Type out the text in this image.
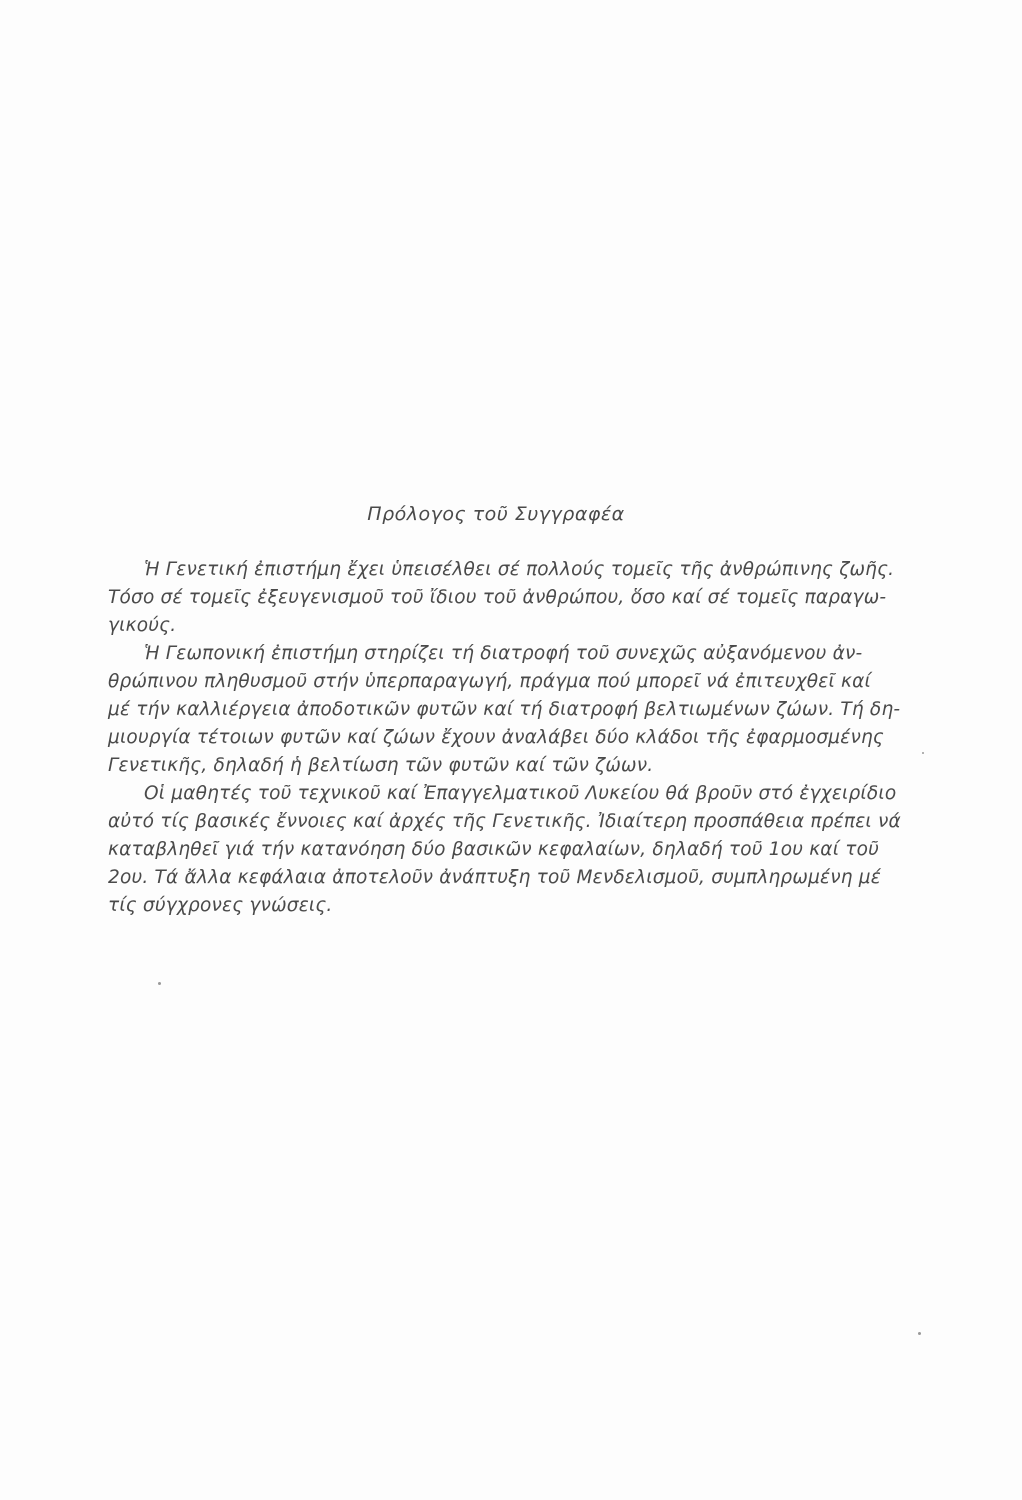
Πρόλογος τοῦ Συγγραφέα
Ἡ Γενετική ἐπιστήμη ἔχει ὑπεισέλθει σέ πολλούς τομεῖς τῆς ἀνθρώπινης ζωῆς.
Τόσο σέ τομεῖς ἐξευγενισμοῦ τοῦ ἴδιου τοῦ ἀνθρώπου, ὅσο καί σέ τομεῖς παραγω-
γικούς.
Ἡ Γεωπονική ἐπιστήμη στηρίζει τή διατροφή τοῦ συνεχῶς αὐξανόμενου ἀν-
θρώπινου πληθυσμοῦ στήν ὑπερπαραγωγή, πράγμα πού μπορεῖ νά ἐπιτευχθεῖ καί
μέ τήν καλλιέργεια ἀποδοτικῶν φυτῶν καί τή διατροφή βελτιωμένων ζώων. Τή δη-
μιουργία τέτοιων φυτῶν καί ζώων ἔχουν ἀναλάβει δύο κλάδοι τῆς ἐφαρμοσμένης
Γενετικῆς, δηλαδή ἡ βελτίωση τῶν φυτῶν καί τῶν ζώων.
Οἱ μαθητές τοῦ τεχνικοῦ καί Ἐπαγγελματικοῦ Λυκείου θά βροῦν στό ἐγχειρίδιο
αὐτό τίς βασικές ἔννοιες καί ἀρχές τῆς Γενετικῆς. Ἰδιαίτερη προσπάθεια πρέπει νά
καταβληθεῖ γιά τήν κατανόηση δύο βασικῶν κεφαλαίων, δηλαδή τοῦ 1ου καί τοῦ
2ου. Τά ἄλλα κεφάλαια ἀποτελοῦν ἀνάπτυξη τοῦ Μενδελισμοῦ, συμπληρωμένη μέ
τίς σύγχρονες γνώσεις.
